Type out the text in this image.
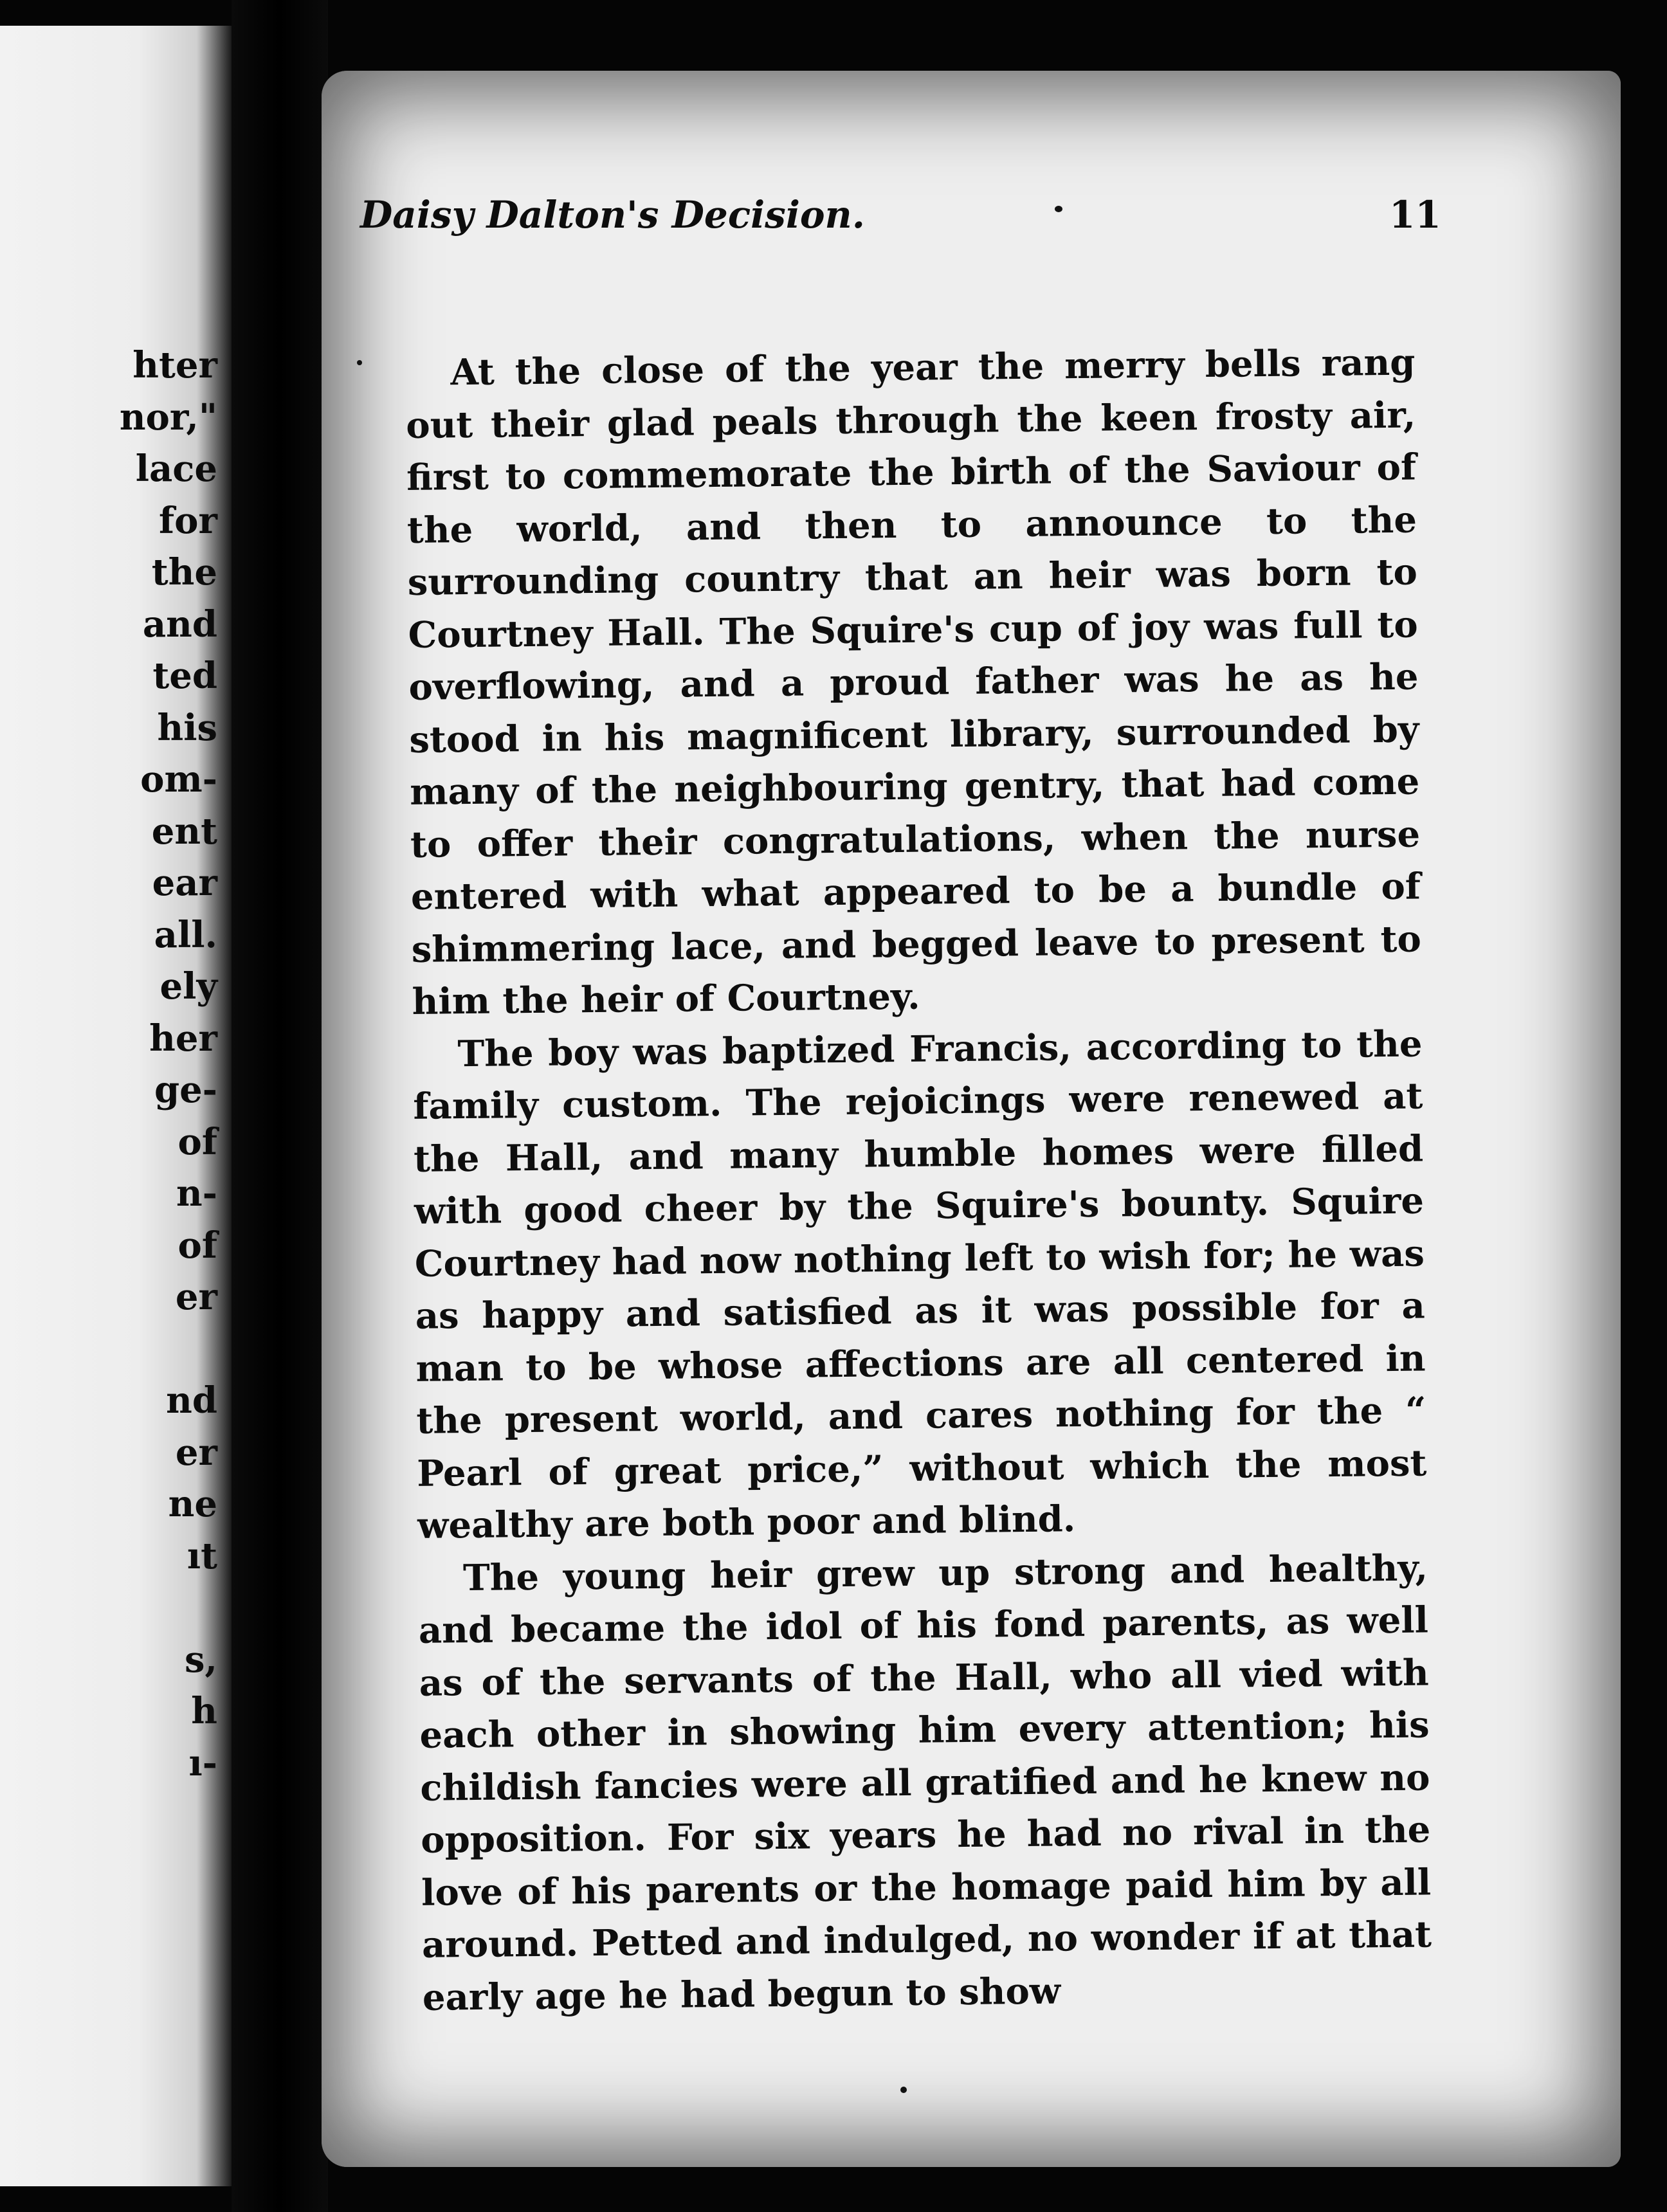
hter
nor,"
lace
for
the
and
ted
his
om-
ent
ear
all.
ely
her
ge-
of
n-
of
er
nd
er
ne
ıt
s,
h
ı-
Daisy Dalton's Decision.	11

At the close of the year the merry bells rang out their glad peals through the keen frosty air, first to commemorate the birth of the Saviour of the world, and then to announce to the surrounding country that an heir was born to Courtney Hall. The Squire's cup of joy was full to overflowing, and a proud father was he as he stood in his magnificent library, surrounded by many of the neighbouring gentry, that had come to offer their congratulations, when the nurse entered with what appeared to be a bundle of shimmering lace, and begged leave to present to him the heir of Courtney.

The boy was baptized Francis, according to the family custom. The rejoicings were renewed at the Hall, and many humble homes were filled with good cheer by the Squire's bounty. Squire Courtney had now nothing left to wish for; he was as happy and satisfied as it was possible for a man to be whose affections are all centered in the present world, and cares nothing for the “ Pearl of great price,” without which the most wealthy are both poor and blind.

The young heir grew up strong and healthy, and became the idol of his fond parents, as well as of the servants of the Hall, who all vied with each other in showing him every attention; his childish fancies were all gratified and he knew no opposition. For six years he had no rival in the love of his parents or the homage paid him by all around. Petted and indulged, no wonder if at that early age he had begun to show
